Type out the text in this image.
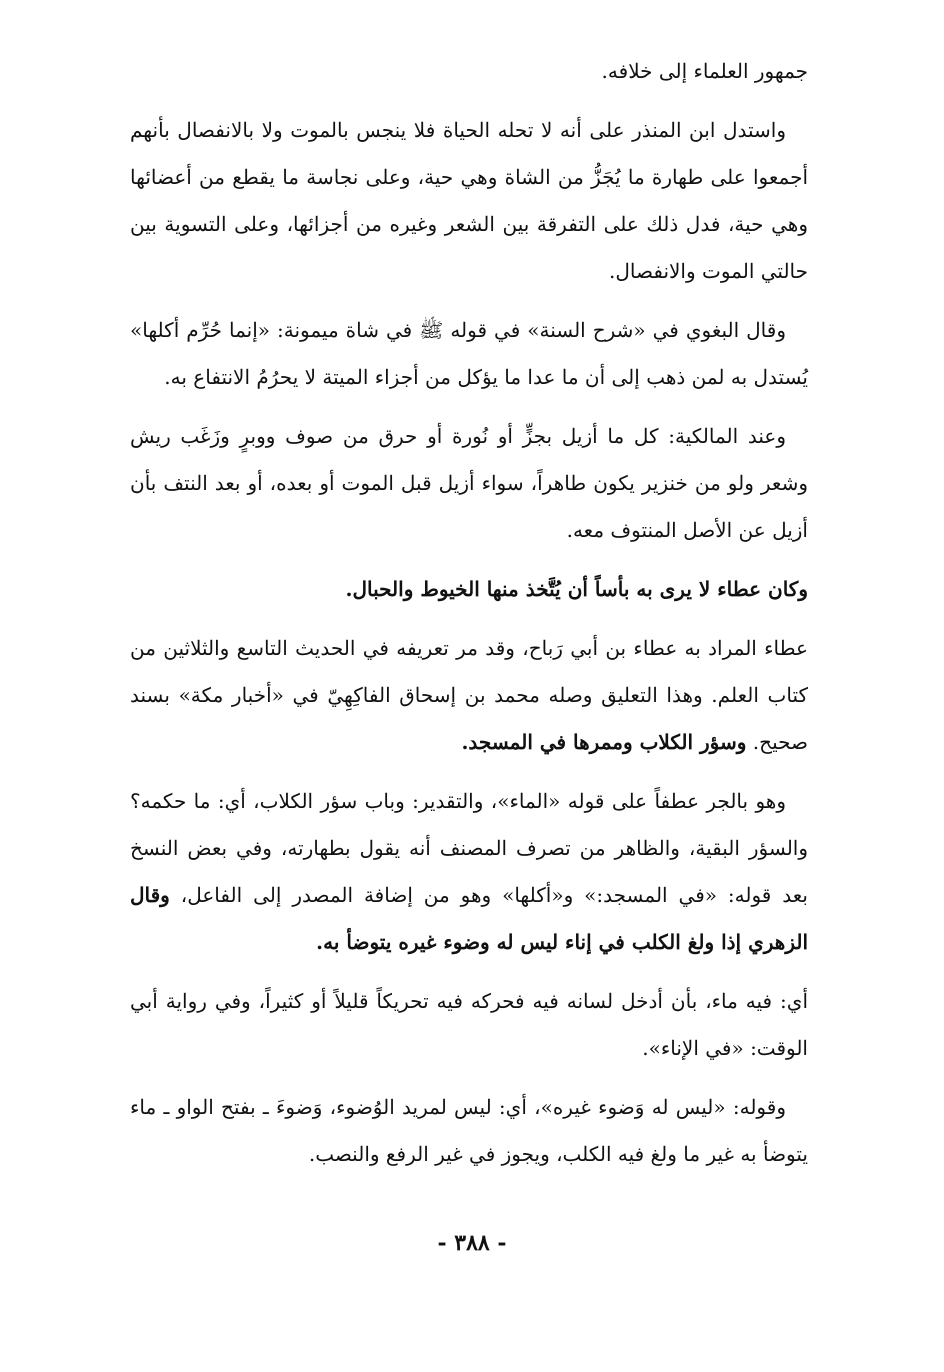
جمهور العلماء إلى خلافه.

واستدل ابن المنذر على أنه لا تحله الحياة فلا ينجس بالموت ولا بالانفصال بأنهم أجمعوا على طهارة ما يُجَزُّ من الشاة وهي حية، وعلى نجاسة ما يقطع من أعضائها وهي حية، فدل ذلك على التفرقة بين الشعر وغيره من أجزائها، وعلى التسوية بين حالتي الموت والانفصال.

وقال البغوي في «شرح السنة» في قوله ﷺ في شاة ميمونة: «إنما حُرِّم أكلها» يُستدل به لمن ذهب إلى أن ما عدا ما يؤكل من أجزاء الميتة لا يحرُمُ الانتفاع به.

وعند المالكية: كل ما أزيل بجزٍّ أو نُورة أو حرق من صوف ووبرٍ وزَغَب ريش وشعر ولو من خنزير يكون طاهراً، سواء أزيل قبل الموت أو بعده، أو بعد النتف بأن أزيل عن الأصل المنتوف معه.

وكان عطاء لا يرى به بأساً أن يُتَّخذ منها الخيوط والحبال.

عطاء المراد به عطاء بن أبي رَباح، وقد مر تعريفه في الحديث التاسع والثلاثين من كتاب العلم. وهذا التعليق وصله محمد بن إسحاق الفاكِهِيّ في «أخبار مكة» بسند صحيح. وسؤر الكلاب وممرها في المسجد.

وهو بالجر عطفاً على قوله «الماء»، والتقدير: وباب سؤر الكلاب، أي: ما حكمه؟ والسؤر البقية، والظاهر من تصرف المصنف أنه يقول بطهارته، وفي بعض النسخ بعد قوله: «في المسجد:» و«أكلها» وهو من إضافة المصدر إلى الفاعل، وقال الزهري إذا ولغ الكلب في إناء ليس له وضوء غيره يتوضأ به.

أي: فيه ماء، بأن أدخل لسانه فيه فحركه فيه تحريكاً قليلاً أو كثيراً، وفي رواية أبي الوقت: «في الإناء».

وقوله: «ليس له وَضوء غيره»، أي: ليس لمريد الوُضوء، وَضوءَ ـ بفتح الواو ـ ماء يتوضأ به غير ما ولغ فيه الكلب، ويجوز في غير الرفع والنصب.

- ٣٨٨ -
